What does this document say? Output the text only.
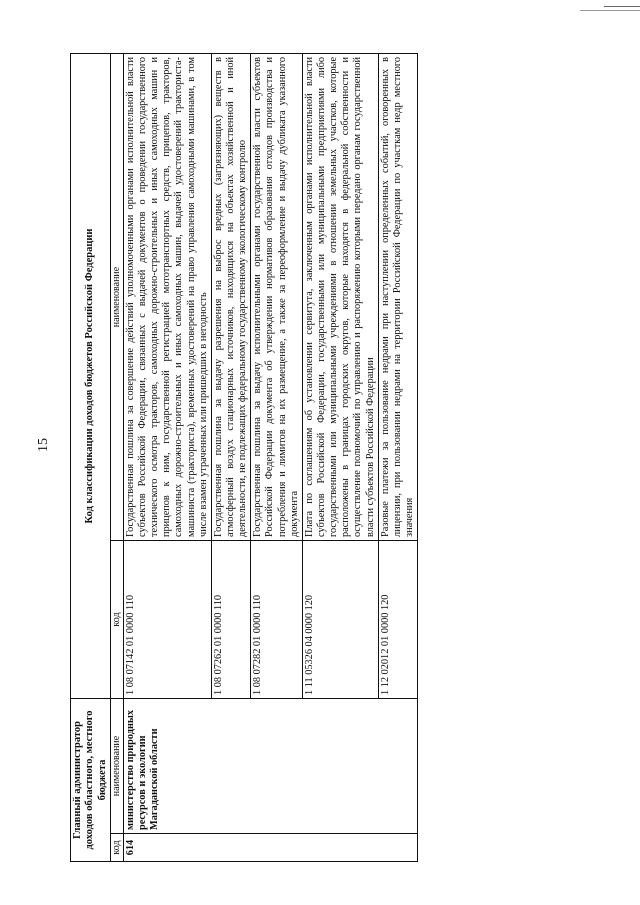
15
Главный администратор доходов областного, местного бюджета		Код классификации доходов бюджетов Российской Федерации	
код	наименование	код	наименование
614	министерство природных ресурсов и экологии Магаданской области	1 08 07142 01 0000 110	Государственная пошлина за совершение действий уполномоченными органами исполнительной власти субъектов Российской Федерации, связанных с выдачей документов о проведении государственного технического осмотра тракторов, самоходных дорожно-строительных и иных самоходных машин и прицепов к ним, государственной регистрацией мототранспортных средств, прицепов, тракторов, самоходных дорожно-строительных и иных самоходных машин, выдачей удостоверений тракториста-машиниста (тракториста), временных удостоверений на право управления самоходными машинами, в том числе взамен утраченных или пришедших в негодность
		1 08 07262 01 0000 110	Государственная пошлина за выдачу разрешения на выброс вредных (загрязняющих) веществ в атмосферный воздух стационарных источников, находящихся на объектах хозяйственной и иной деятельности, не подлежащих федеральному государственному экологическому контролю
		1 08 07282 01 0000 110	Государственная пошлина за выдачу исполнительными органами государственной власти субъектов Российской Федерации документа об утверждении нормативов образования отходов производства и потребления и лимитов на их размещение, а также за переоформление и выдачу дубликата указанного документа
		1 11 05326 04 0000 120	Плата по соглашениям об установлении сервитута, заключенным органами исполнительной власти субъектов Российской Федерации, государственными или муниципальными предприятиями либо государственными или муниципальными учреждениями в отношении земельных участков, которые расположены в границах городских округов, которые находятся в федеральной собственности и осуществление полномочий по управлению и распоряжению которыми передано органам государственной власти субъектов Российской Федерации
		1 12 02012 01 0000 120	Разовые платежи за пользование недрами при наступлении определенных событий, оговоренных в лицензии, при пользовании недрами на территории Российской Федерации по участкам недр местного значения
